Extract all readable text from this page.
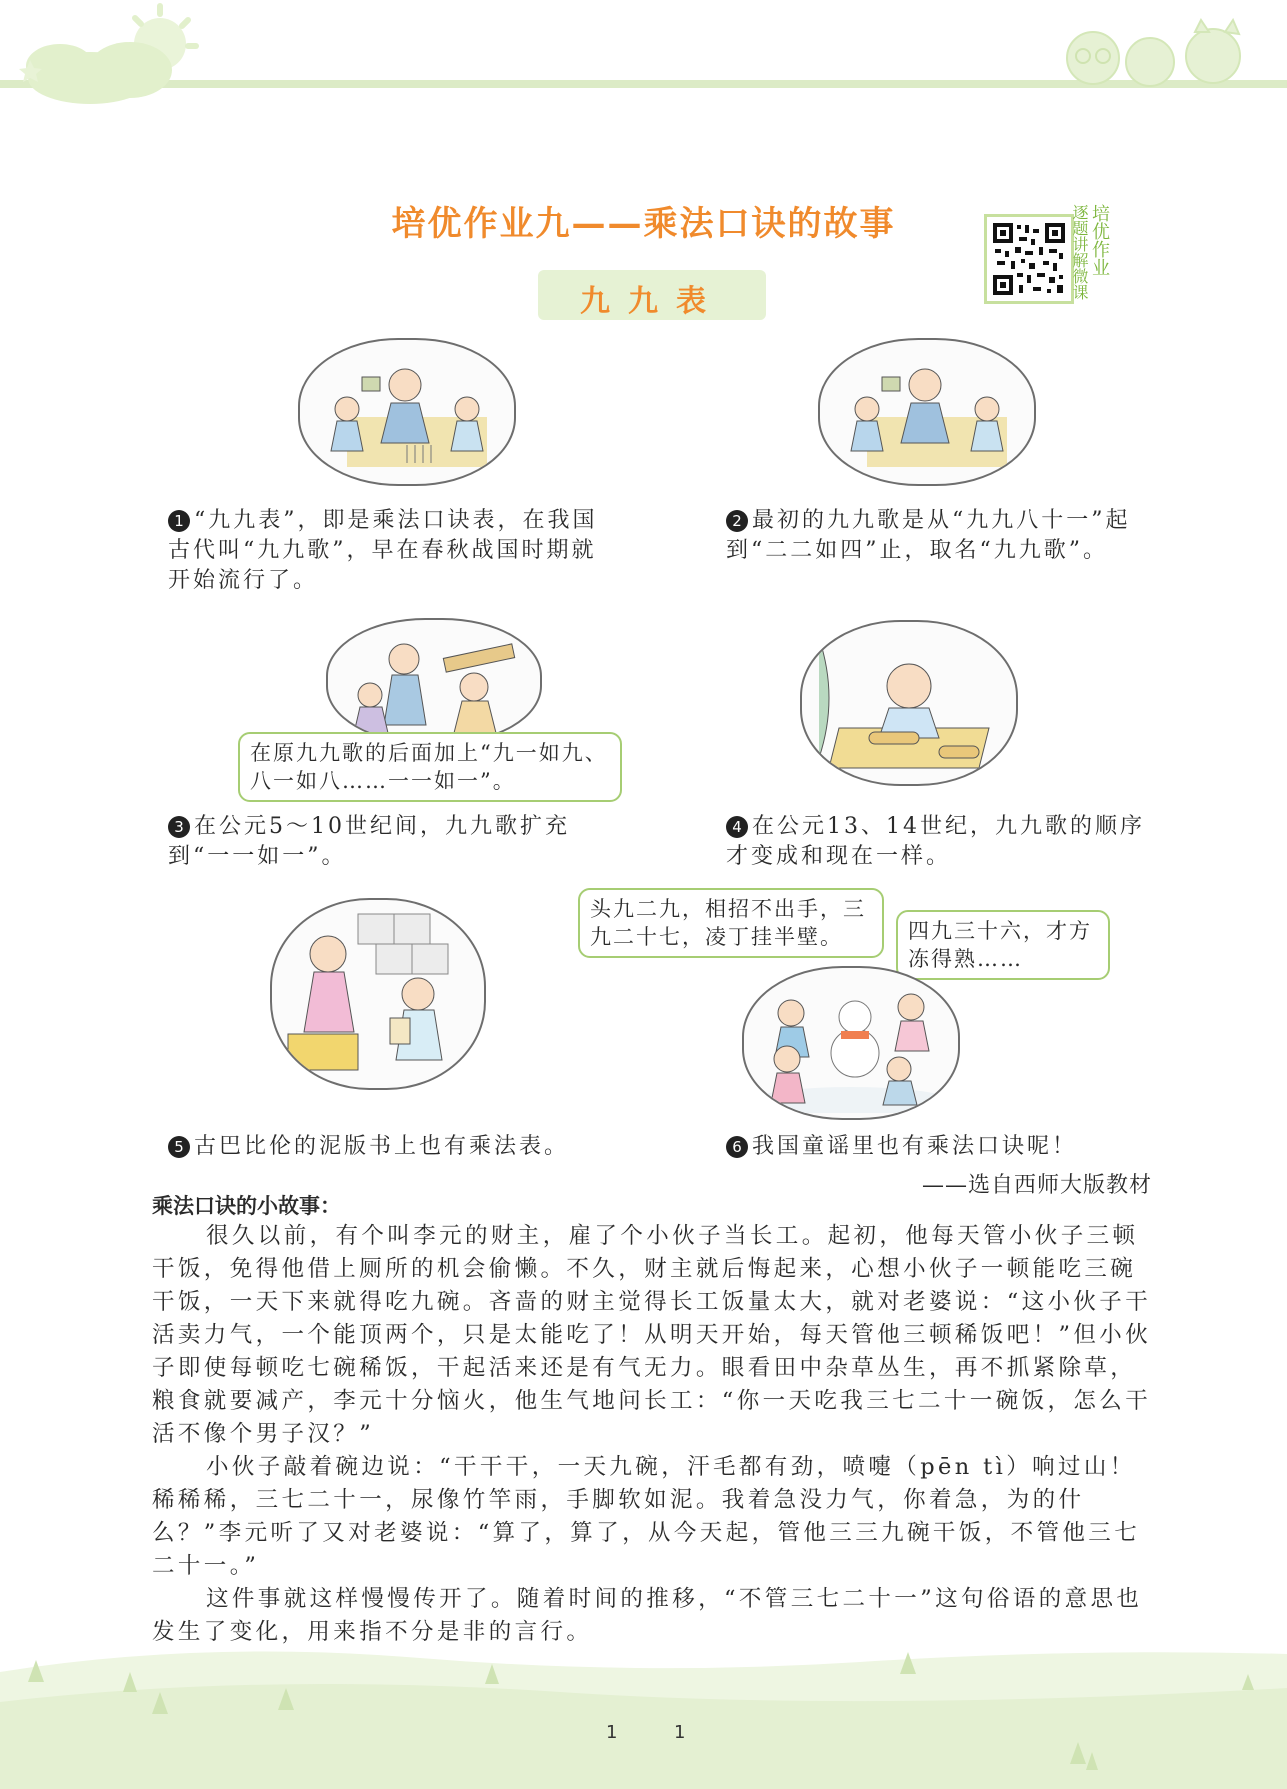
培优作业九——乘法口诀的故事
九九表
逐题讲解微课 培优作业
1 “九九表”，即是乘法口诀表，在我国古代叫“九九歌”，早在春秋战国时期就开始流行了。
2 最初的九九歌是从“九九八十一”起到“二二如四”止，取名“九九歌”。
在原九九歌的后面加上“九一如九、八一如八……一一如一”。
3 在公元5～10世纪间，九九歌扩充到“一一如一”。
4 在公元13、14世纪，九九歌的顺序才变成和现在一样。
5 古巴比伦的泥版书上也有乘法表。
头九二九，相招不出手，三九二十七，凌丁挂半壁。	四九三十六，才方冻得熟……
6 我国童谣里也有乘法口诀呢！
——选自西师大版教材
乘法口诀的小故事：

很久以前，有个叫李元的财主，雇了个小伙子当长工。起初，他每天管小伙子三顿干饭，免得他借上厕所的机会偷懒。不久，财主就后悔起来，心想小伙子一顿能吃三碗干饭，一天下来就得吃九碗。吝啬的财主觉得长工饭量太大，就对老婆说：“这小伙子干活卖力气，一个能顶两个，只是太能吃了！从明天开始，每天管他三顿稀饭吧！”但小伙子即使每顿吃七碗稀饭，干起活来还是有气无力。眼看田中杂草丛生，再不抓紧除草，粮食就要减产，李元十分恼火，他生气地问长工：“你一天吃我三七二十一碗饭，怎么干活不像个男子汉？”

小伙子敲着碗边说：“干干干，一天九碗，汗毛都有劲，喷嚏（pēn tì）响过山！稀稀稀，三七二十一，尿像竹竿雨，手脚软如泥。我着急没力气，你着急，为的什么？”李元听了又对老婆说：“算了，算了，从今天起，管他三三九碗干饭，不管他三七二十一。”

这件事就这样慢慢传开了。随着时间的推移，“不管三七二十一”这句俗语的意思也发生了变化，用来指不分是非的言行。

1	1
